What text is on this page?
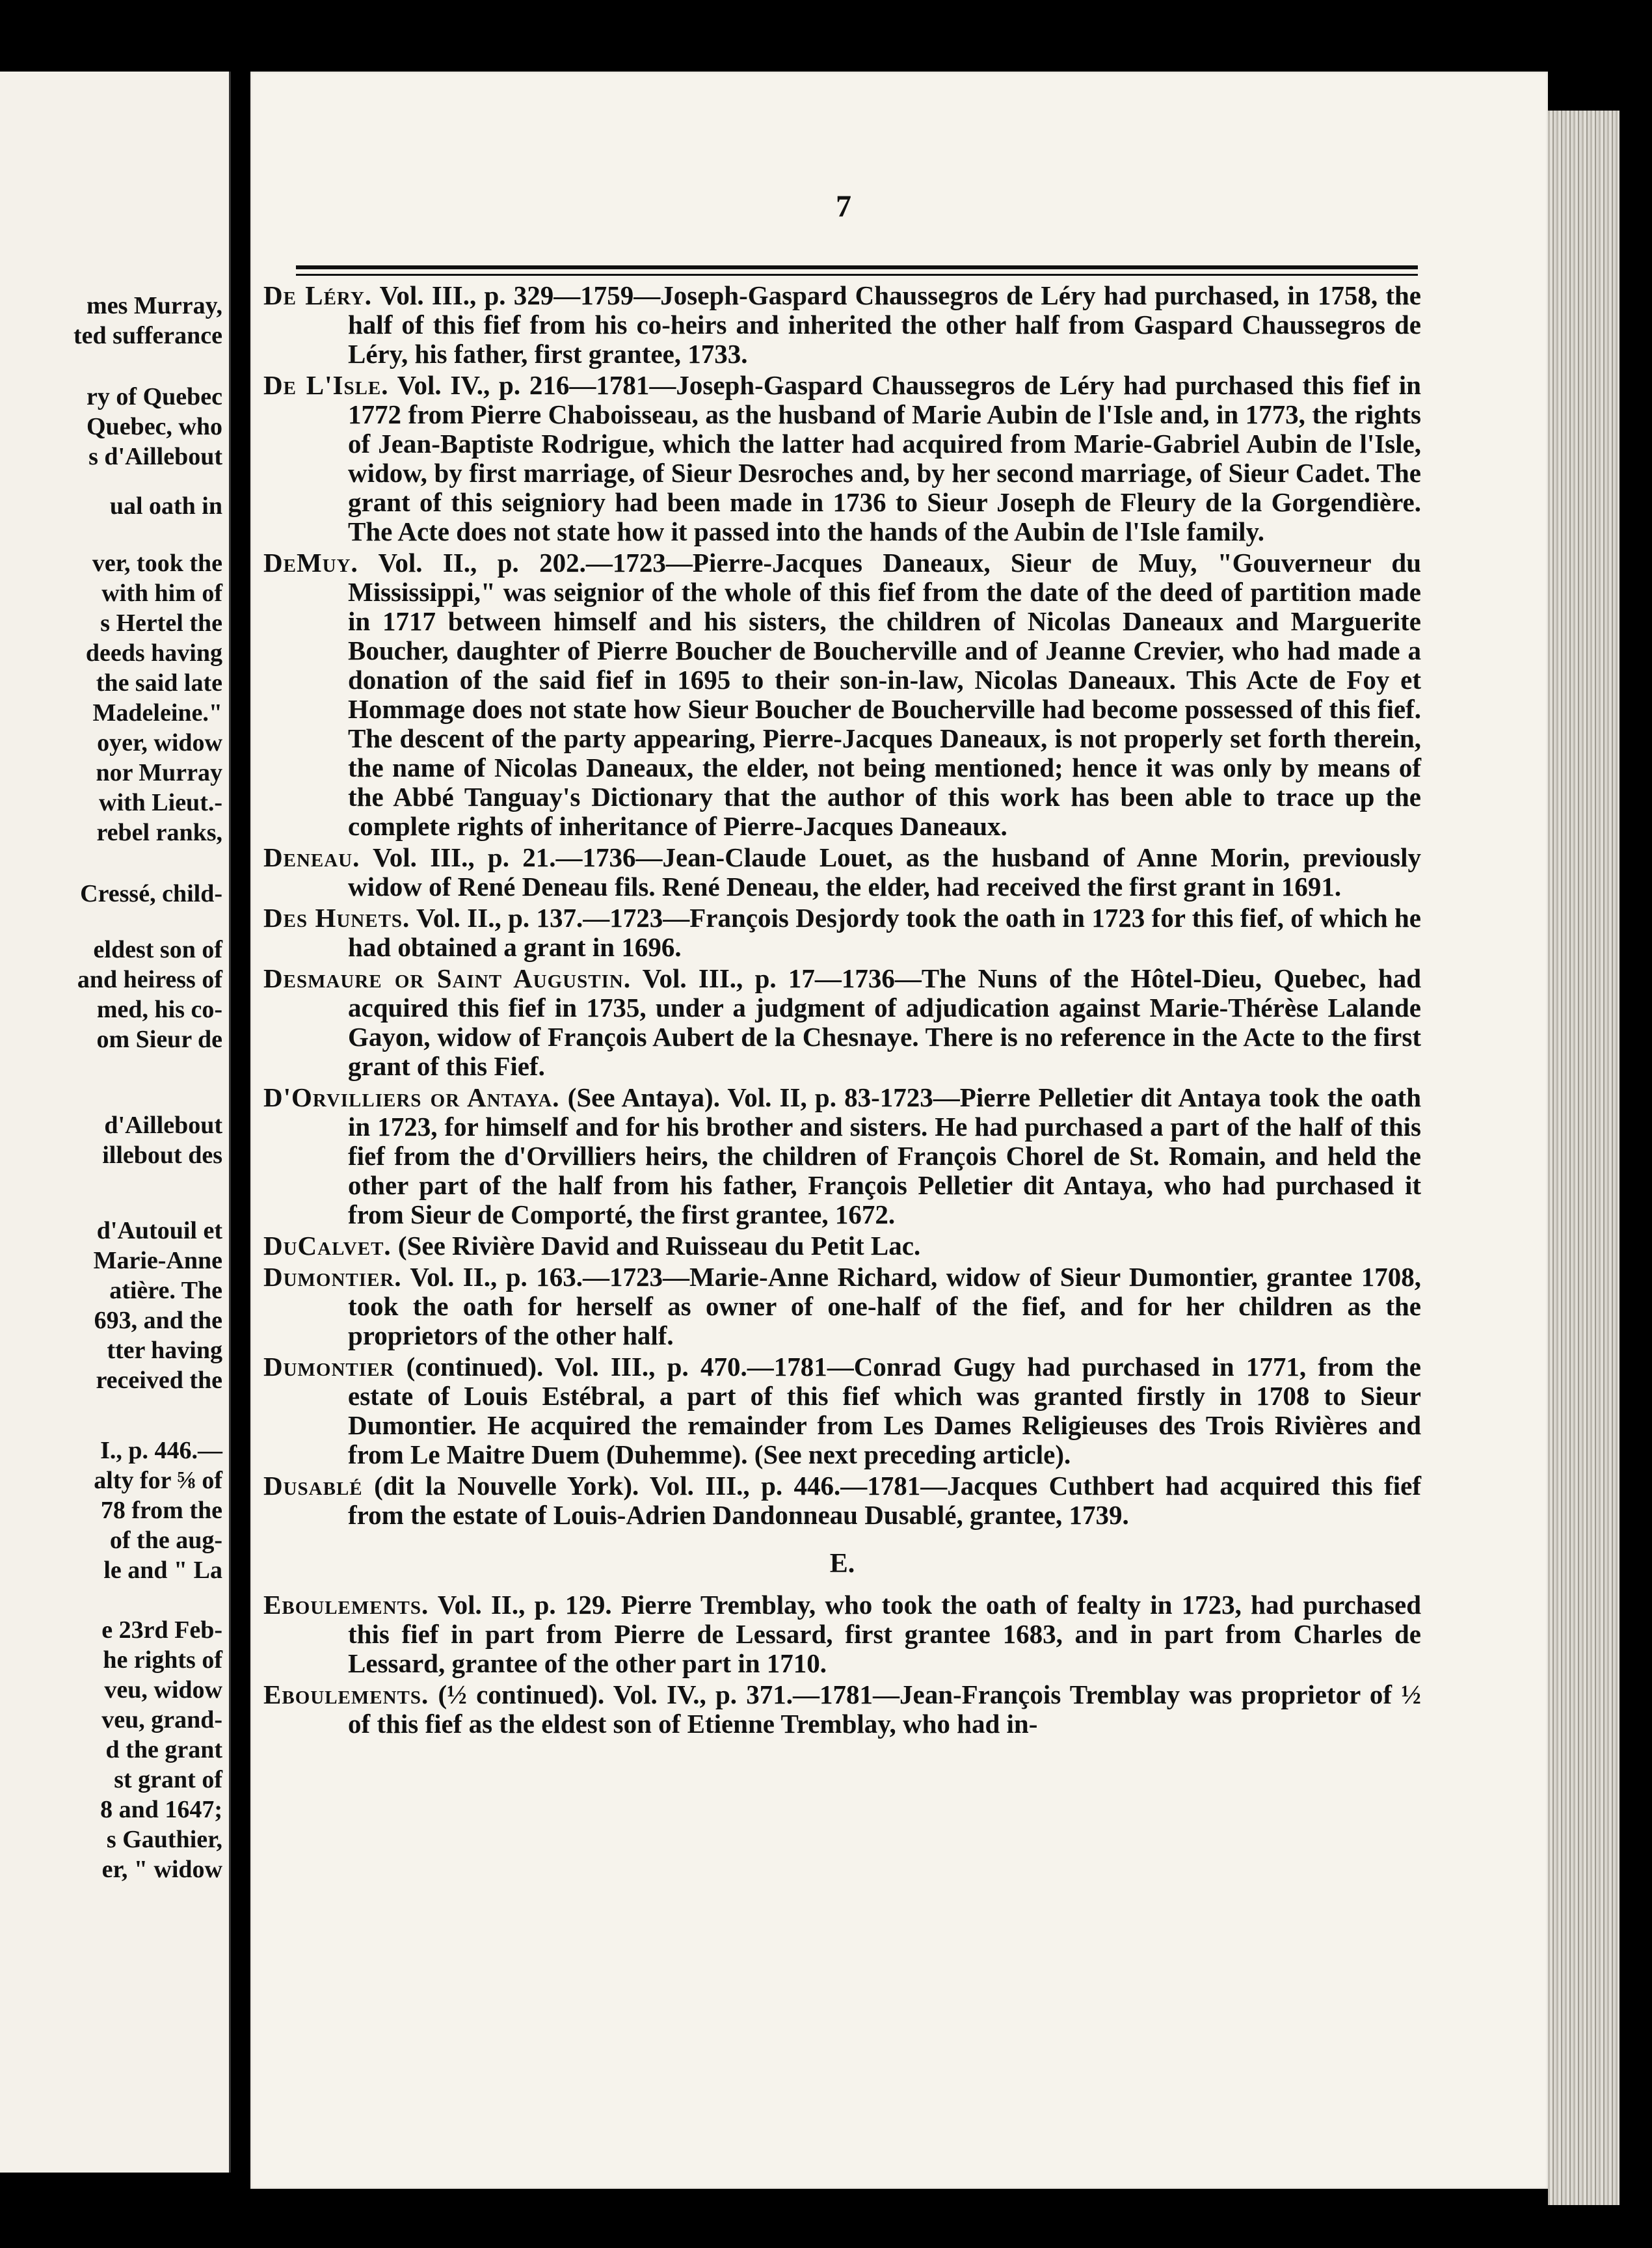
mes Murray,
ted sufferance
ry of Quebec
Quebec, who
s d'Aillebout
ual oath in
ver, took the
with him of
s Hertel the
deeds having
the said late
Madeleine."
oyer, widow
nor Murray
with Lieut.-
rebel ranks,
Cressé, child-
eldest son of
and heiress of
med, his co-
om Sieur de
d'Aillebout
illebout des
d'Autouil et
Marie-Anne
atière. The
693, and the
tter having
received the
I., p. 446.—
alty for ⅝ of
78 from the
of the aug-
le and " La
e 23rd Feb-
he rights of
veu, widow
veu, grand-
d the grant
st grant of
8 and 1647;
s Gauthier,
er, " widow
7

De Léry. Vol. III., p. 329—1759—Joseph-Gaspard Chaussegros de Léry had purchased, in 1758, the half of this fief from his co-heirs and inherited the other half from Gaspard Chaussegros de Léry, his father, first grantee, 1733.

De L'Isle. Vol. IV., p. 216—1781—Joseph-Gaspard Chaussegros de Léry had purchased this fief in 1772 from Pierre Chaboisseau, as the husband of Marie Aubin de l'Isle and, in 1773, the rights of Jean-Baptiste Rodrigue, which the latter had acquired from Marie-Gabriel Aubin de l'Isle, widow, by first marriage, of Sieur Desroches and, by her second marriage, of Sieur Cadet. The grant of this seigniory had been made in 1736 to Sieur Joseph de Fleury de la Gorgendière. The Acte does not state how it passed into the hands of the Aubin de l'Isle family.

DeMuy. Vol. II., p. 202.—1723—Pierre-Jacques Daneaux, Sieur de Muy, "Gouverneur du Mississippi," was seignior of the whole of this fief from the date of the deed of partition made in 1717 between himself and his sisters, the children of Nicolas Daneaux and Marguerite Boucher, daughter of Pierre Boucher de Boucherville and of Jeanne Crevier, who had made a donation of the said fief in 1695 to their son-in-law, Nicolas Daneaux. This Acte de Foy et Hommage does not state how Sieur Boucher de Boucherville had become possessed of this fief. The descent of the party appearing, Pierre-Jacques Daneaux, is not properly set forth therein, the name of Nicolas Daneaux, the elder, not being mentioned; hence it was only by means of the Abbé Tanguay's Dictionary that the author of this work has been able to trace up the complete rights of inheritance of Pierre-Jacques Daneaux.

Deneau. Vol. III., p. 21.—1736—Jean-Claude Louet, as the husband of Anne Morin, previously widow of René Deneau fils. René Deneau, the elder, had received the first grant in 1691.

Des Hunets. Vol. II., p. 137.—1723—François Desjordy took the oath in 1723 for this fief, of which he had obtained a grant in 1696.

Desmaure or Saint Augustin. Vol. III., p. 17—1736—The Nuns of the Hôtel-Dieu, Quebec, had acquired this fief in 1735, under a judgment of adjudication against Marie-Thérèse Lalande Gayon, widow of François Aubert de la Chesnaye. There is no reference in the Acte to the first grant of this Fief.

D'Orvilliers or Antaya. (See Antaya). Vol. II, p. 83-1723—Pierre Pelletier dit Antaya took the oath in 1723, for himself and for his brother and sisters. He had purchased a part of the half of this fief from the d'Orvilliers heirs, the children of François Chorel de St. Romain, and held the other part of the half from his father, François Pelletier dit Antaya, who had purchased it from Sieur de Comporté, the first grantee, 1672.

DuCalvet. (See Rivière David and Ruisseau du Petit Lac.

Dumontier. Vol. II., p. 163.—1723—Marie-Anne Richard, widow of Sieur Dumontier, grantee 1708, took the oath for herself as owner of one-half of the fief, and for her children as the proprietors of the other half.

Dumontier (continued). Vol. III., p. 470.—1781—Conrad Gugy had purchased in 1771, from the estate of Louis Estébral, a part of this fief which was granted firstly in 1708 to Sieur Dumontier. He acquired the remainder from Les Dames Religieuses des Trois Rivières and from Le Maitre Duem (Duhemme). (See next preceding article).

Dusablé (dit la Nouvelle York). Vol. III., p. 446.—1781—Jacques Cuthbert had acquired this fief from the estate of Louis-Adrien Dandonneau Dusablé, grantee, 1739.

E.

Eboulements. Vol. II., p. 129. Pierre Tremblay, who took the oath of fealty in 1723, had purchased this fief in part from Pierre de Lessard, first grantee 1683, and in part from Charles de Lessard, grantee of the other part in 1710.

Eboulements. (½ continued). Vol. IV., p. 371.—1781—Jean-François Tremblay was proprietor of ½ of this fief as the eldest son of Etienne Tremblay, who had in-
